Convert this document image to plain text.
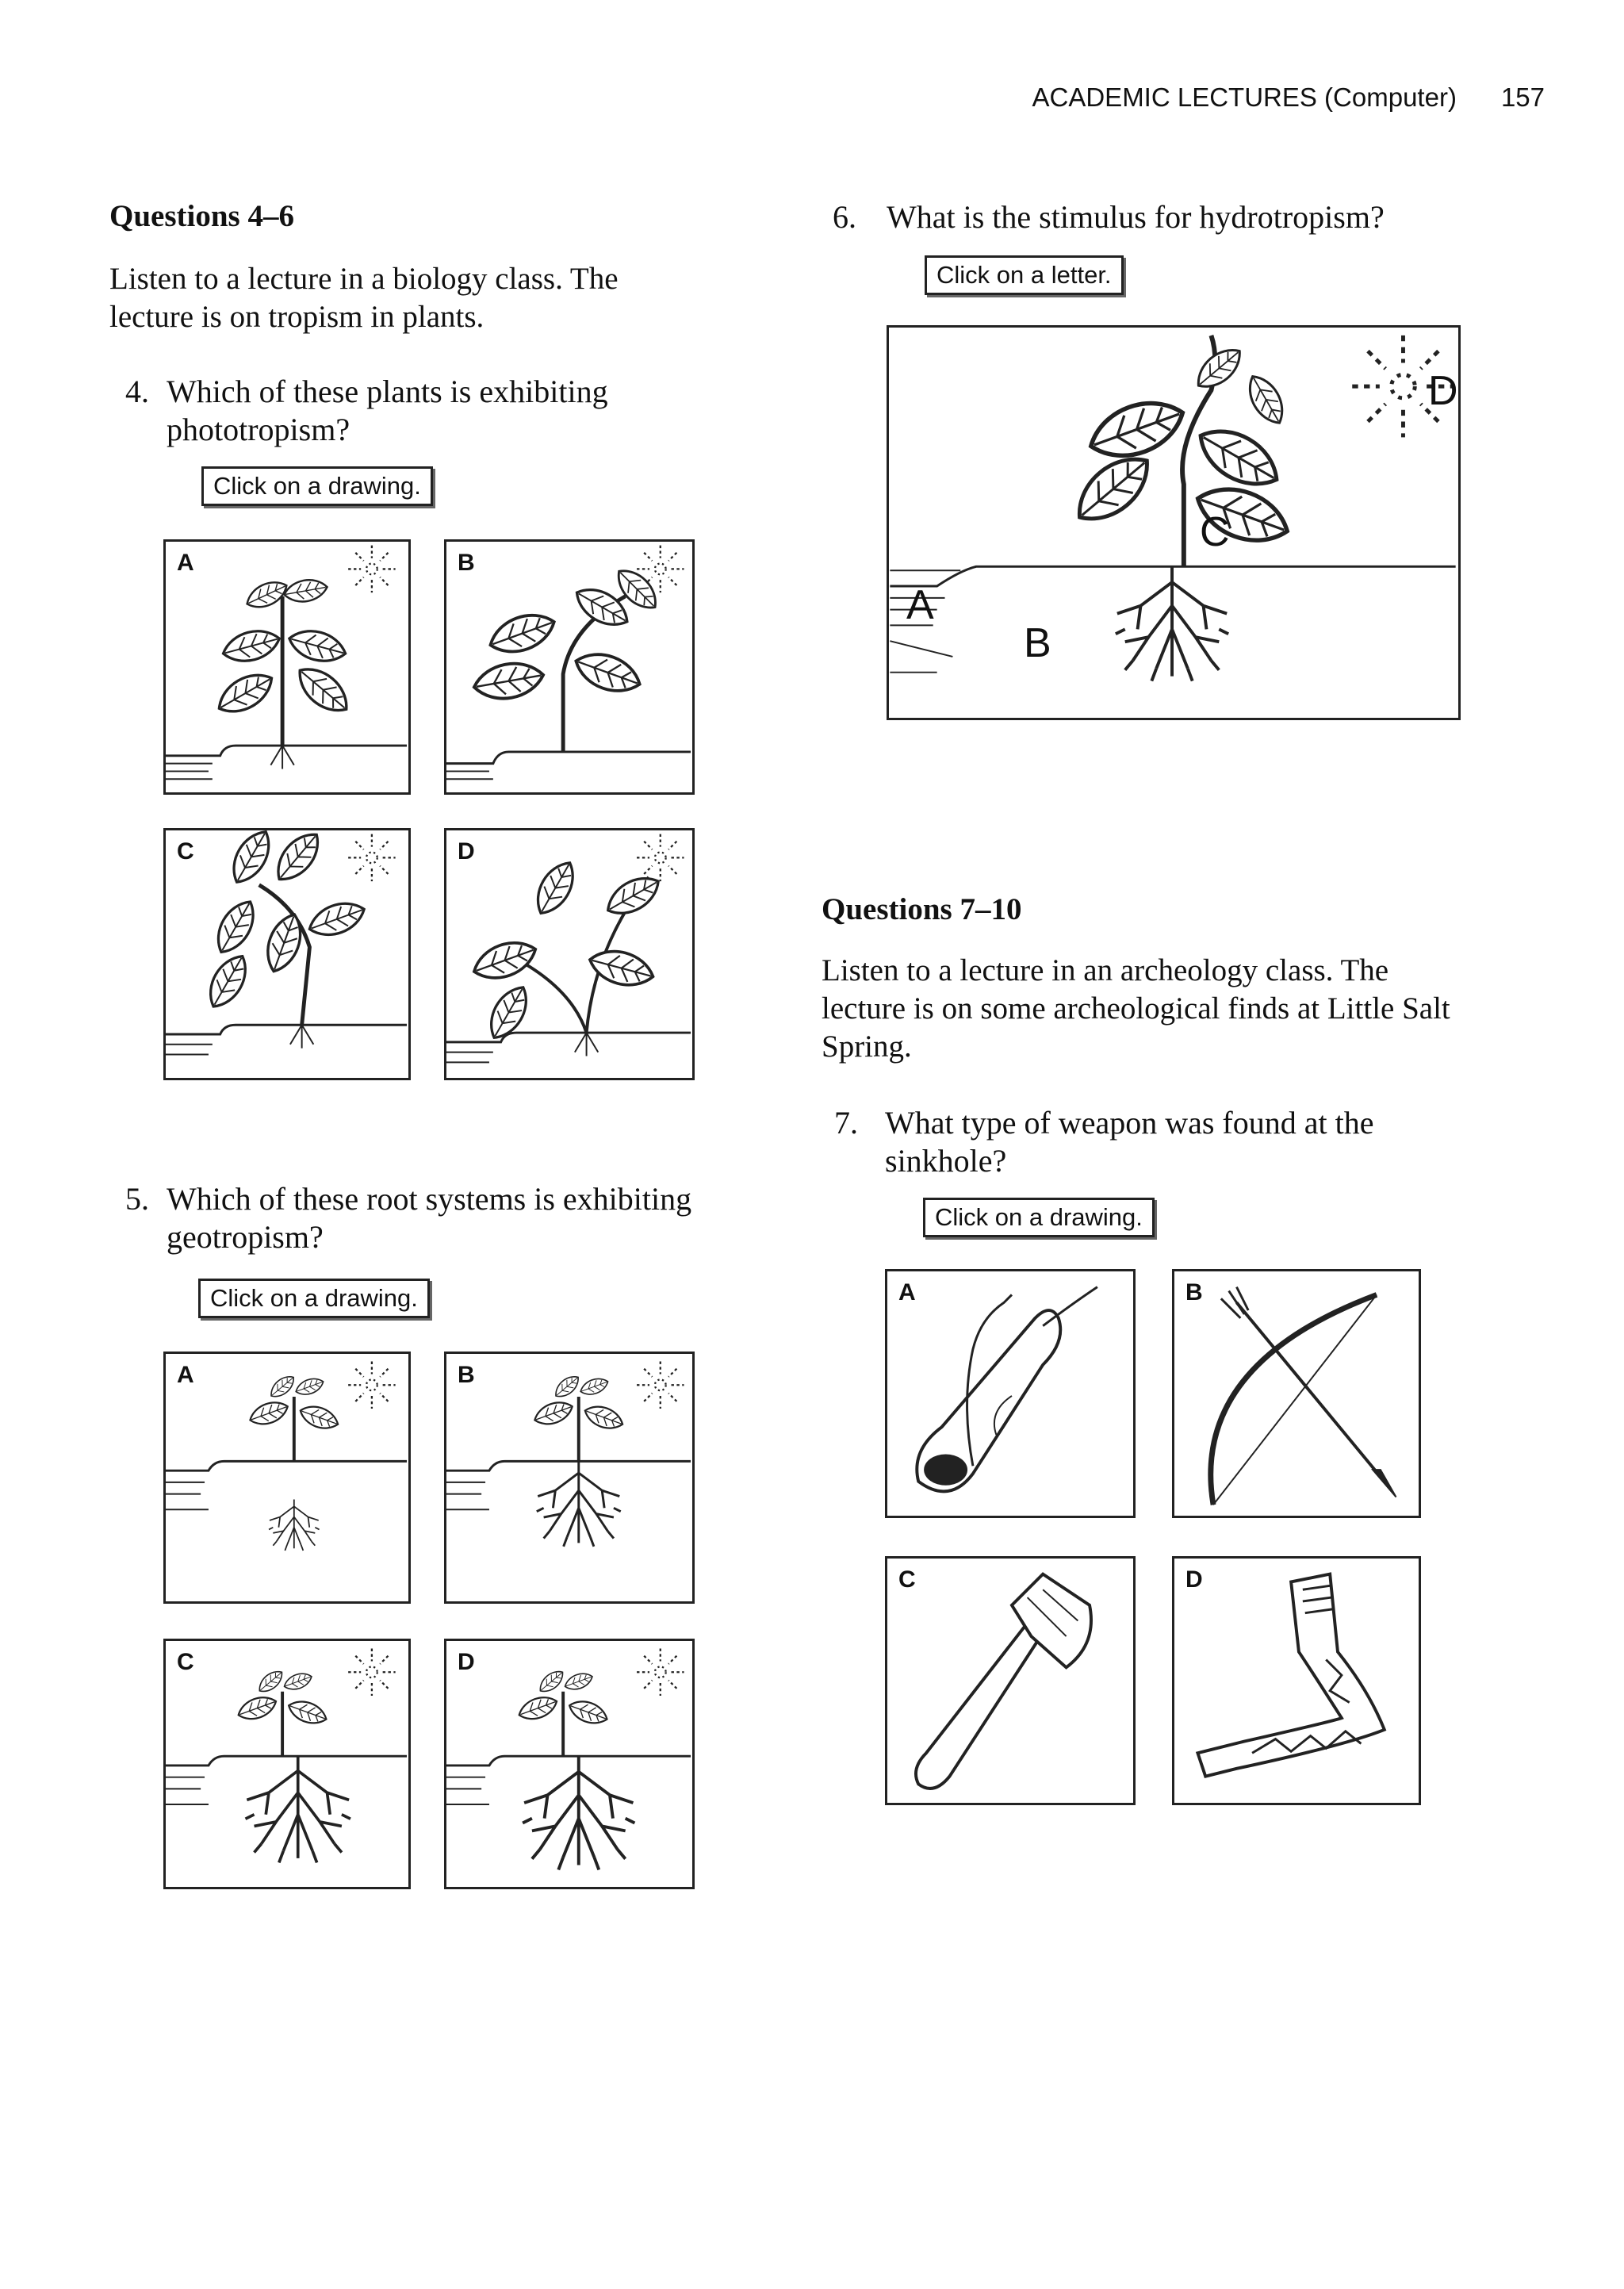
ACADEMIC LECTURES (Computer) 157
Questions 4–6
Listen to a lecture in a biology class. The lecture is on tropism in plants.
4. Which of these plants is exhibiting phototropism?
Click on a drawing.
A	B
C	D
5. Which of these root systems is exhibiting geotropism?
Click on a drawing.
A	B
C	D
6. What is the stimulus for hydrotropism?
Click on a letter.
A
B
C
D
Questions 7–10
Listen to a lecture in an archeology class. The lecture is on some archeological finds at Little Salt Spring.
7. What type of weapon was found at the sinkhole?
Click on a drawing.
A	B
C	D
